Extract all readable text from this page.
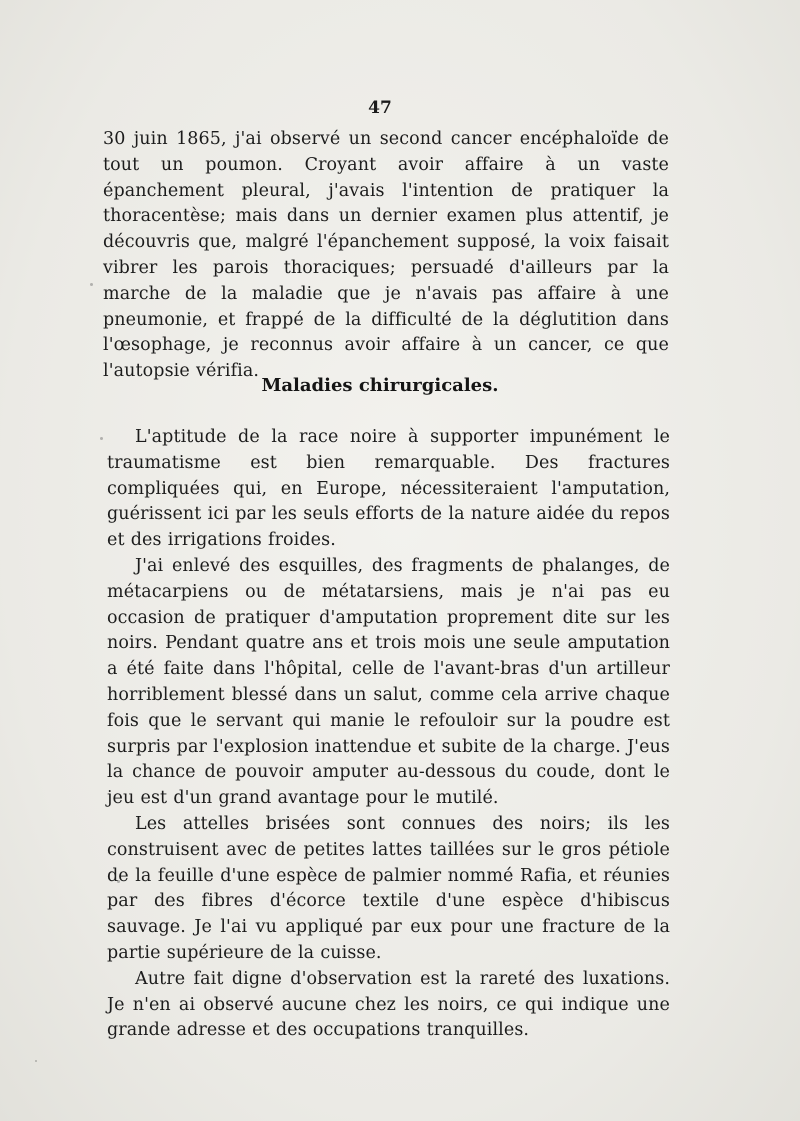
47

30 juin 1865, j'ai observé un second cancer encéphaloïde de tout un poumon. Croyant avoir affaire à un vaste épanchement pleural, j'avais l'intention de pratiquer la thoracentèse; mais dans un dernier examen plus attentif, je découvris que, malgré l'épanchement supposé, la voix faisait vibrer les parois thoraciques; persuadé d'ailleurs par la marche de la maladie que je n'avais pas affaire à une pneumonie, et frappé de la difficulté de la déglutition dans l'œsophage, je reconnus avoir affaire à un cancer, ce que l'autopsie vérifia.

Maladies chirurgicales.

L'aptitude de la race noire à supporter impunément le traumatisme est bien remarquable. Des fractures compliquées qui, en Europe, nécessiteraient l'amputation, guérissent ici par les seuls efforts de la nature aidée du repos et des irrigations froides.

J'ai enlevé des esquilles, des fragments de phalanges, de métacarpiens ou de métatarsiens, mais je n'ai pas eu occasion de pratiquer d'amputation proprement dite sur les noirs. Pendant quatre ans et trois mois une seule amputation a été faite dans l'hôpital, celle de l'avant-bras d'un artilleur horriblement blessé dans un salut, comme cela arrive chaque fois que le servant qui manie le refouloir sur la poudre est surpris par l'explosion inattendue et subite de la charge. J'eus la chance de pouvoir amputer au-dessous du coude, dont le jeu est d'un grand avantage pour le mutilé.

Les attelles brisées sont connues des noirs; ils les construisent avec de petites lattes taillées sur le gros pétiole de la feuille d'une espèce de palmier nommé Rafia, et réunies par des fibres d'écorce textile d'une espèce d'hibiscus sauvage. Je l'ai vu appliqué par eux pour une fracture de la partie supérieure de la cuisse.

Autre fait digne d'observation est la rareté des luxations. Je n'en ai observé aucune chez les noirs, ce qui indique une grande adresse et des occupations tranquilles.
